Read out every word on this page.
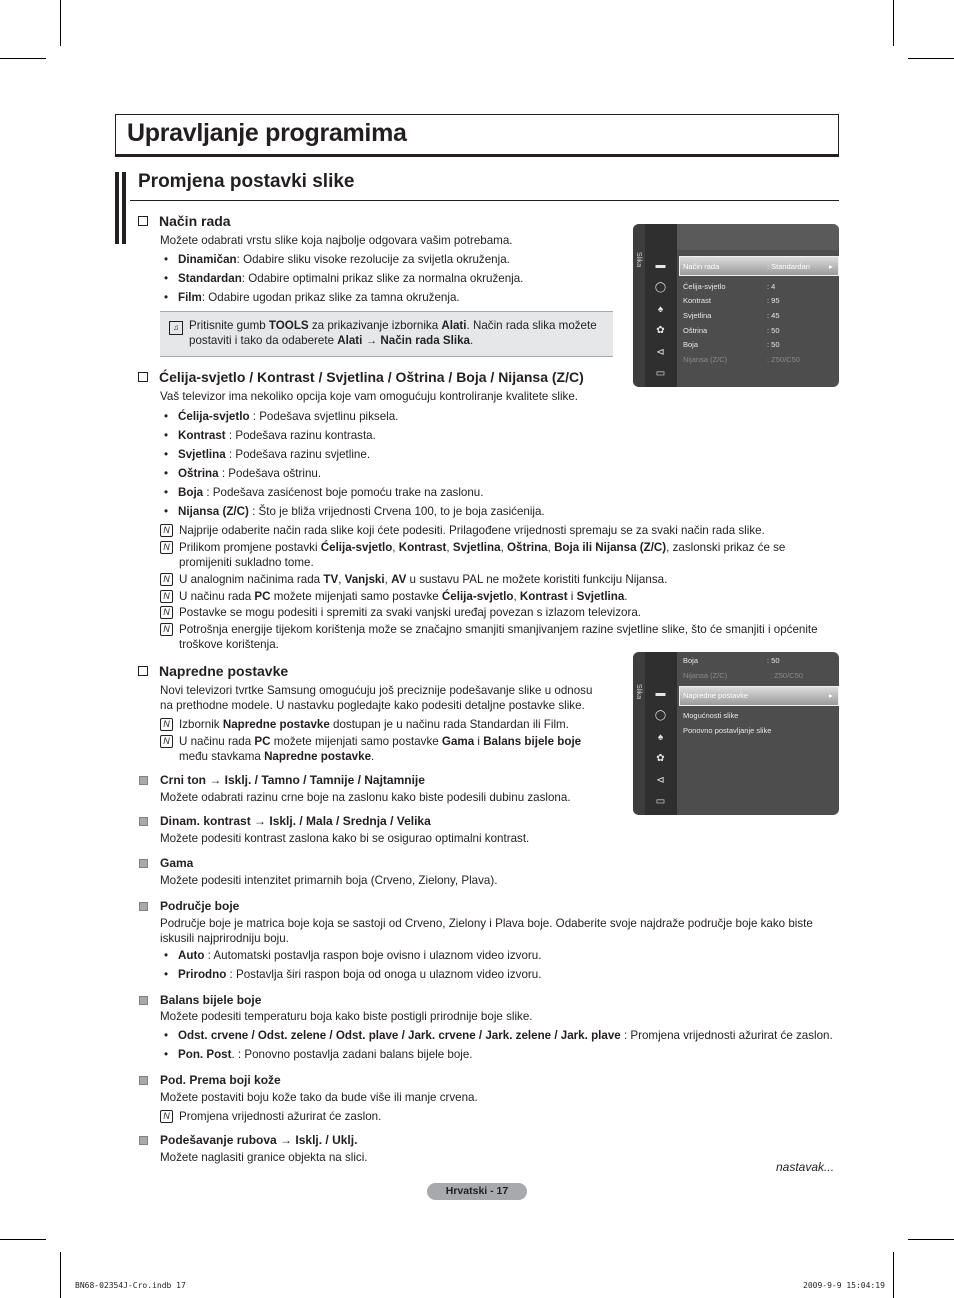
Upravljanje programima
Promjena postavki slike
Način rada
Možete odabrati vrstu slike koja najbolje odgovara vašim potrebama.
• Dinamičan: Odabire sliku visoke rezolucije za svijetla okruženja.
• Standardan: Odabire optimalni prikaz slike za normalna okruženja.
• Film: Odabire ugodan prikaz slike za tamna okruženja.
♫ Pritisnite gumb TOOLS za prikazivanje izbornika Alati. Način rada slika možete postaviti i tako da odaberete Alati → Način rada Slika.
Slika ▬
◯
♠
✿
⊲
▭
Način rada	: Standardan	▸
Ćelija-svjetlo	: 4
Kontrast	: 95
Svjetlina	: 45
Oštrina	: 50
Boja	: 50
Nijansa (Z/C)	: Z50/C50
Ćelija-svjetlo / Kontrast / Svjetlina / Oštrina / Boja / Nijansa (Z/C)
Vaš televizor ima nekoliko opcija koje vam omogućuju kontroliranje kvalitete slike.
• Ćelija-svjetlo : Podešava svjetlinu piksela.
• Kontrast : Podešava razinu kontrasta.
• Svjetlina : Podešava razinu svjetline.
• Oštrina : Podešava oštrinu.
• Boja : Podešava zasićenost boje pomoću trake na zaslonu.
• Nijansa (Z/C) : Što je bliža vrijednosti Crvena 100, to je boja zasićenija.
N Najprije odaberite način rada slike koji ćete podesiti. Prilagođene vrijednosti spremaju se za svaki način rada slike.
N Prilikom promjene postavki Ćelija-svjetlo, Kontrast, Svjetlina, Oštrina, Boja ili Nijansa (Z/C), zaslonski prikaz će se
promijeniti sukladno tome.
N U analognim načinima rada TV, Vanjski, AV u sustavu PAL ne možete koristiti funkciju Nijansa.
N U načinu rada PC možete mijenjati samo postavke Ćelija-svjetlo, Kontrast i Svjetlina.
N Postavke se mogu podesiti i spremiti za svaki vanjski uređaj povezan s izlazom televizora.
N Potrošnja energije tijekom korištenja može se značajno smanjiti smanjivanjem razine svjetline slike, što će smanjiti i općenite
troškove korištenja.
Napredne postavke
Novi televizori tvrtke Samsung omogućuju još preciznije podešavanje slike u odnosu
na prethodne modele. U nastavku pogledajte kako podesiti detaljne postavke slike.
N Izbornik Napredne postavke dostupan je u načinu rada Standardan ili Film.
N U načinu rada PC možete mijenjati samo postavke Gama i Balans bijele boje
među stavkama Napredne postavke.
Slika ▬
◯
♠
✿
⊲
▭
Boja	: 50
Nijansa (Z/C)	: Z50/C50
Napredne postavke	▸
Mogućnosti slike
Ponovno postavljanje slike
Crni ton → Isklj. / Tamno / Tamnije / Najtamnije
Možete odabrati razinu crne boje na zaslonu kako biste podesili dubinu zaslona.
Dinam. kontrast → Isklj. / Mala / Srednja / Velika
Možete podesiti kontrast zaslona kako bi se osigurao optimalni kontrast.
Gama
Možete podesiti intenzitet primarnih boja (Crveno, Zielony, Plava).
Područje boje
Područje boje je matrica boje koja se sastoji od Crveno, Zielony i Plava boje. Odaberite svoje najdraže područje boje kako biste
iskusili najprirodniju boju.
• Auto : Automatski postavlja raspon boje ovisno i ulaznom video izvoru.
• Prirodno : Postavlja širi raspon boja od onoga u ulaznom video izvoru.
Balans bijele boje
Možete podesiti temperaturu boja kako biste postigli prirodnije boje slike.
• Odst. crvene / Odst. zelene / Odst. plave / Jark. crvene / Jark. zelene / Jark. plave : Promjena vrijednosti ažurirat će zaslon.
• Pon. Post. : Ponovno postavlja zadani balans bijele boje.
Pod. Prema boji kože
Možete postaviti boju kože tako da bude više ili manje crvena.
N Promjena vrijednosti ažurirat će zaslon.
Podešavanje rubova → Isklj. / Uklj.
Možete naglasiti granice objekta na slici.
nastavak...
Hrvatski - 17
BN68-02354J-Cro.indb 17	2009-9-9 15:04:19
